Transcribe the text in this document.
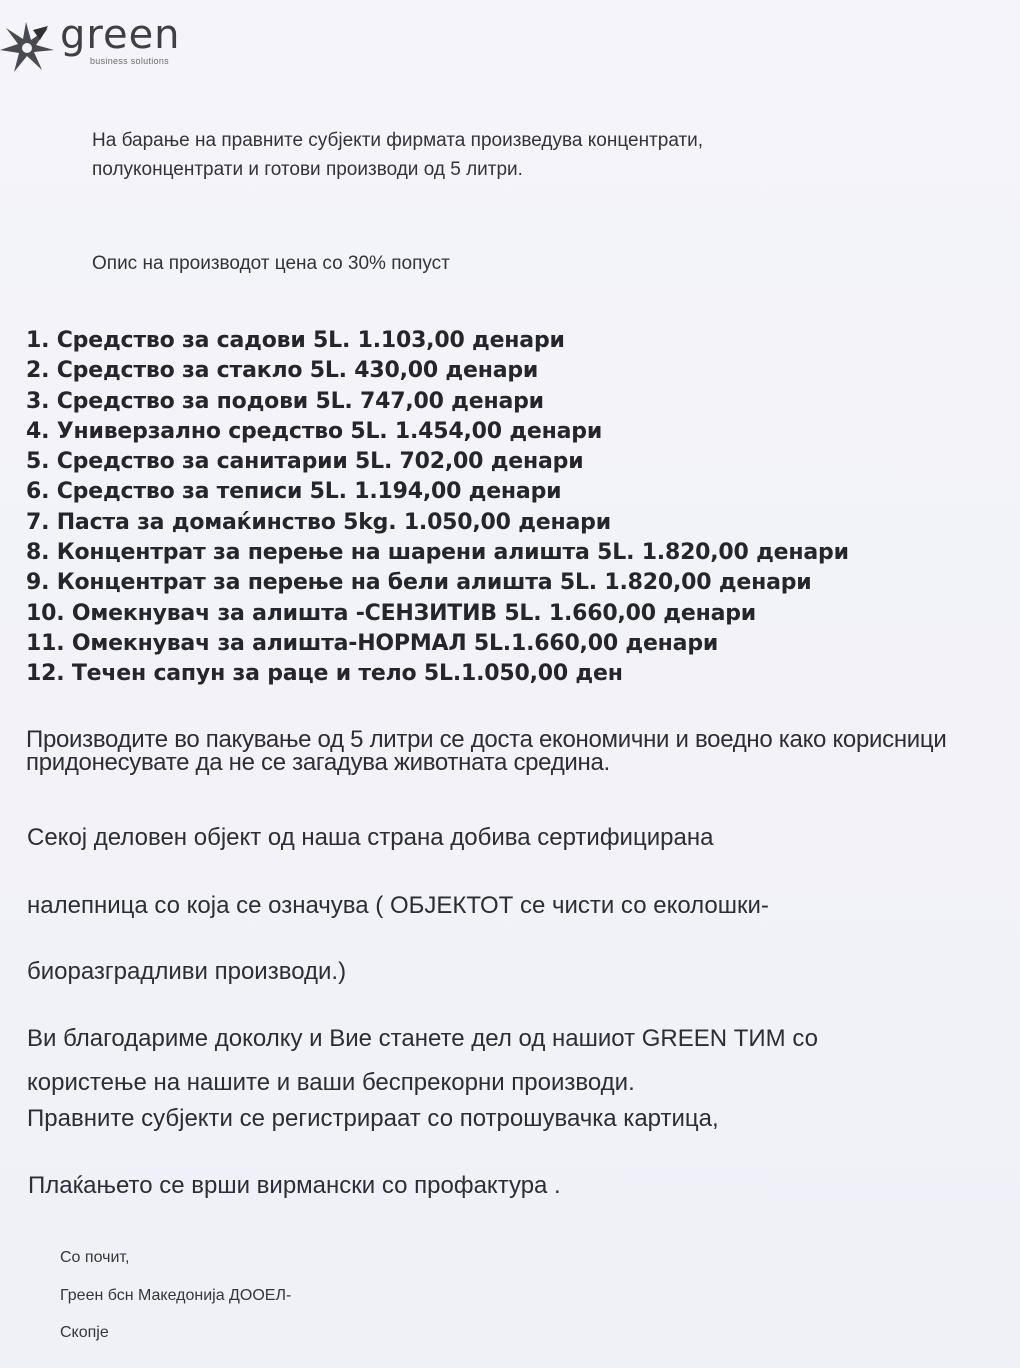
green
business solutions

На барање на правните субјекти фирмата произведува концентрати, полуконцентрати и готови производи од 5 литри.

Опис на производот цена со 30% попуст

1. Средство за садови 5L. 1.103,00 денари
2. Средство за стакло 5L. 430,00 денари
3. Средство за подови 5L. 747,00 денари
4. Универзално средство 5L. 1.454,00 денари
5. Средство за санитарии 5L. 702,00 денари
6. Средство за теписи 5L. 1.194,00 денари
7. Паста за домаќинство 5kg. 1.050,00 денари
8. Концентрат за перење на шарени алишта 5L. 1.820,00 денари
9. Концентрат за перење на бели алишта 5L. 1.820,00 денари
10. Омекнувач за алишта -СЕНЗИТИВ 5L. 1.660,00 денари
11. Омекнувач за алишта-НОРМАЛ 5L.1.660,00 денари
12. Течен сапун за раце и тело 5L.1.050,00 ден

Производите во пакување од 5 литри се доста економични и воедно како корисници придонесувате да не се загадува животната средина.

Секој деловен објект од наша страна добива сертифицирана

налепница со која се означува ( ОБЈЕКТОТ се чисти со еколошки-

биоразградливи производи.)

Ви благодариме доколку и Вие станете дел од нашиот GREEN ТИМ со

користење на нашите и ваши беспрекорни производи.

Правните субјекти се регистрираат со потрошувачка картица,

Плаќањето се врши вирмански со профактура .

Со почит,

Греен бсн Македонија ДООЕЛ-

Скопје
